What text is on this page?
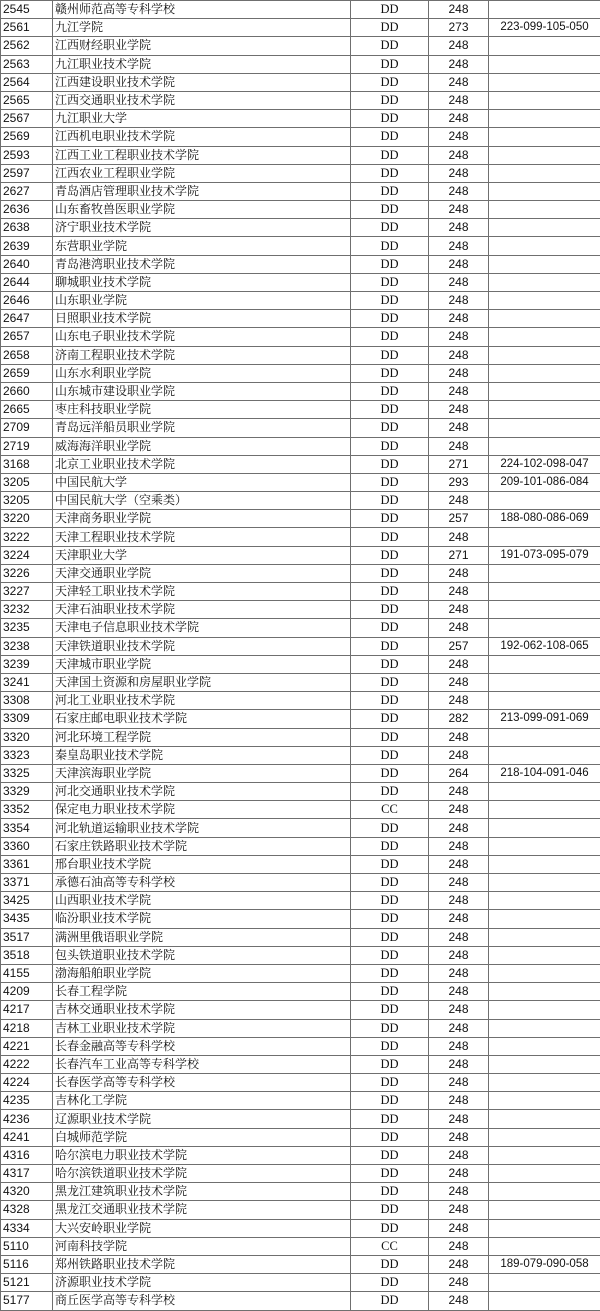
2545	赣州师范高等专科学校	DD	248	
2561	九江学院	DD	273	223-099-105-050
2562	江西财经职业学院	DD	248	
2563	九江职业技术学院	DD	248	
2564	江西建设职业技术学院	DD	248	
2565	江西交通职业技术学院	DD	248	
2567	九江职业大学	DD	248	
2569	江西机电职业技术学院	DD	248	
2593	江西工业工程职业技术学院	DD	248	
2597	江西农业工程职业学院	DD	248	
2627	青岛酒店管理职业技术学院	DD	248	
2636	山东畜牧兽医职业学院	DD	248	
2638	济宁职业技术学院	DD	248	
2639	东营职业学院	DD	248	
2640	青岛港湾职业技术学院	DD	248	
2644	聊城职业技术学院	DD	248	
2646	山东职业学院	DD	248	
2647	日照职业技术学院	DD	248	
2657	山东电子职业技术学院	DD	248	
2658	济南工程职业技术学院	DD	248	
2659	山东水利职业学院	DD	248	
2660	山东城市建设职业学院	DD	248	
2665	枣庄科技职业学院	DD	248	
2709	青岛远洋船员职业学院	DD	248	
2719	威海海洋职业学院	DD	248	
3168	北京工业职业技术学院	DD	271	224-102-098-047
3205	中国民航大学	DD	293	209-101-086-084
3205	中国民航大学（空乘类）	DD	248	
3220	天津商务职业学院	DD	257	188-080-086-069
3222	天津工程职业技术学院	DD	248	
3224	天津职业大学	DD	271	191-073-095-079
3226	天津交通职业学院	DD	248	
3227	天津轻工职业技术学院	DD	248	
3232	天津石油职业技术学院	DD	248	
3235	天津电子信息职业技术学院	DD	248	
3238	天津铁道职业技术学院	DD	257	192-062-108-065
3239	天津城市职业学院	DD	248	
3241	天津国土资源和房屋职业学院	DD	248	
3308	河北工业职业技术学院	DD	248	
3309	石家庄邮电职业技术学院	DD	282	213-099-091-069
3320	河北环境工程学院	DD	248	
3323	秦皇岛职业技术学院	DD	248	
3325	天津滨海职业学院	DD	264	218-104-091-046
3329	河北交通职业技术学院	DD	248	
3352	保定电力职业技术学院	CC	248	
3354	河北轨道运输职业技术学院	DD	248	
3360	石家庄铁路职业技术学院	DD	248	
3361	邢台职业技术学院	DD	248	
3371	承德石油高等专科学校	DD	248	
3425	山西职业技术学院	DD	248	
3435	临汾职业技术学院	DD	248	
3517	满洲里俄语职业学院	DD	248	
3518	包头铁道职业技术学院	DD	248	
4155	渤海船舶职业学院	DD	248	
4209	长春工程学院	DD	248	
4217	吉林交通职业技术学院	DD	248	
4218	吉林工业职业技术学院	DD	248	
4221	长春金融高等专科学校	DD	248	
4222	长春汽车工业高等专科学校	DD	248	
4224	长春医学高等专科学校	DD	248	
4235	吉林化工学院	DD	248	
4236	辽源职业技术学院	DD	248	
4241	白城师范学院	DD	248	
4316	哈尔滨电力职业技术学院	DD	248	
4317	哈尔滨铁道职业技术学院	DD	248	
4320	黑龙江建筑职业技术学院	DD	248	
4328	黑龙江交通职业技术学院	DD	248	
4334	大兴安岭职业学院	DD	248	
5110	河南科技学院	CC	248	
5116	郑州铁路职业技术学院	DD	248	189-079-090-058
5121	济源职业技术学院	DD	248	
5177	商丘医学高等专科学校	DD	248	
